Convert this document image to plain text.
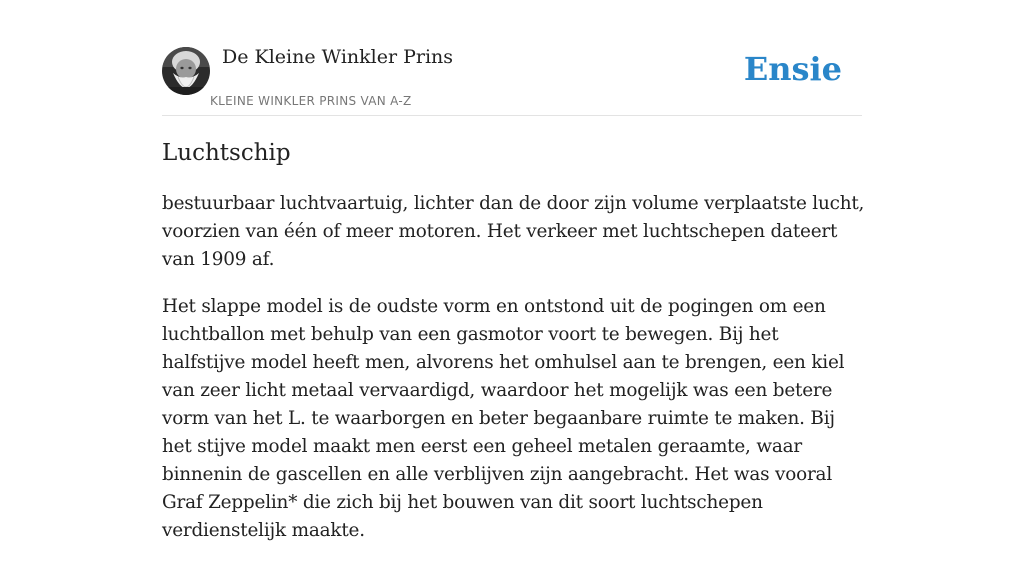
De Kleine Winkler Prins
KLEINE WINKLER PRINS VAN A-Z
Ensie
Luchtschip

bestuurbaar luchtvaartuig, lichter dan de door zijn volume verplaatste lucht, voorzien van één of meer motoren. Het verkeer met luchtschepen dateert van 1909 af.

Het slappe model is de oudste vorm en ontstond uit de pogingen om een luchtballon met behulp van een gasmotor voort te bewegen. Bij het halfstijve model heeft men, alvorens het omhulsel aan te brengen, een kiel van zeer licht metaal vervaardigd, waardoor het mogelijk was een betere vorm van het L. te waarborgen en beter begaanbare ruimte te maken. Bij het stijve model maakt men eerst een geheel metalen geraamte, waar binnenin de gascellen en alle verblijven zijn aangebracht. Het was vooral Graf Zeppelin* die zich bij het bouwen van dit soort luchtschepen verdienstelijk maakte.
